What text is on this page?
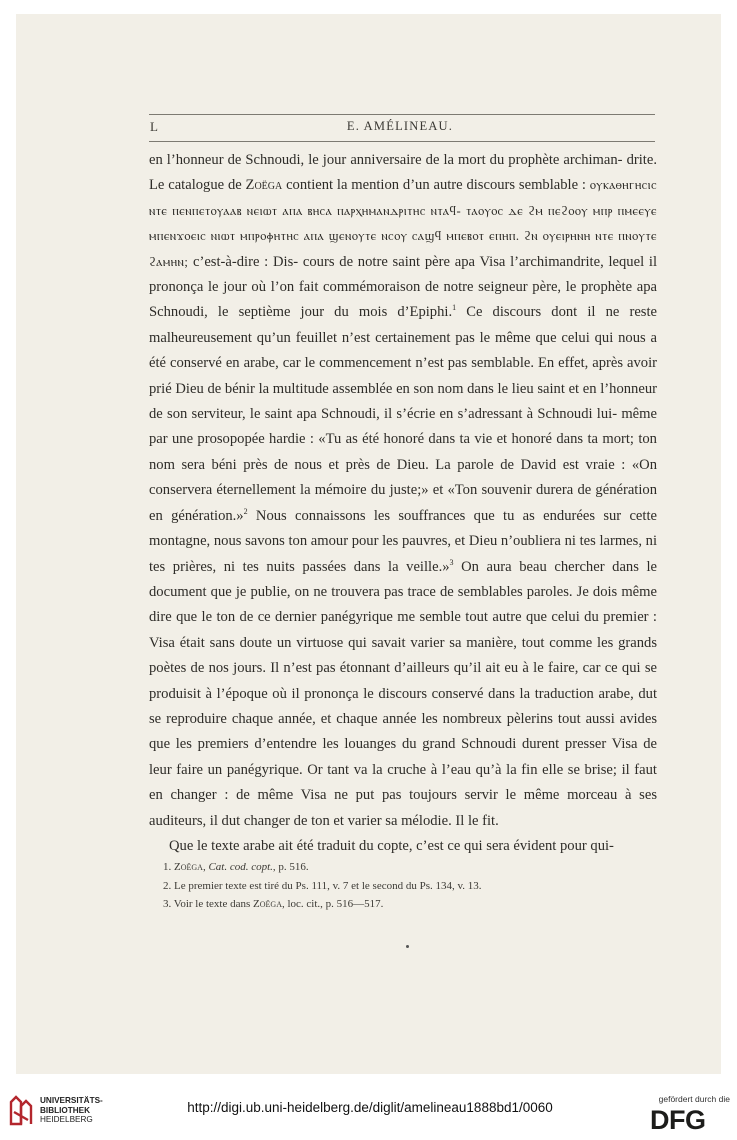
L	E. AMÉLINEAU.

en l’honneur de Schnoudi, le jour anniversaire de la mort du prophète archiman- drite. Le catalogue de Zoëga contient la mention d’un autre discours semblable : ⲟⲩⲕⲁⲑⲏⲅⲏⲥⲓⲥ ⲛⲧⲉ ⲡⲉⲛⲡⲉⲧⲟⲩⲁⲁⲃ ⲛⲉⲓⲱⲧ ⲁⲡⲁ ⲃⲏⲥⲁ ⲡⲁⲣⲭⲏⲙⲁⲛⲇⲣⲓⲧⲏⲥ ⲛⲧⲁϥ- ⲧⲁⲟⲩⲟⲥ ⲇⲉ ϩⲙ ⲡⲉϩⲟⲟⲩ ⲙⲡⲣ ⲡⲙⲉⲉⲩⲉ ⲙⲡⲉⲛϫⲟⲉⲓⲥ ⲛⲓⲱⲧ ⲙⲡⲣⲟⲫⲏⲧⲏⲥ ⲁⲡⲁ ϣⲉⲛⲟⲩⲧⲉ ⲛⲥⲟⲩ ⲥⲁϣϥ ⲙⲡⲉⲃⲟⲧ ⲉⲡⲏⲡ. ϩⲛ ⲟⲩⲉⲓⲣⲏⲛⲏ ⲛⲧⲉ ⲡⲛⲟⲩⲧⲉ ϩⲁⲙⲏⲛ; c’est-à-dire : Dis- cours de notre saint père apa Visa l’archimandrite, lequel il prononça le jour où l’on fait commémoraison de notre seigneur père, le prophète apa Schnoudi, le septième jour du mois d’Epiphi.$^1$ Ce discours dont il ne reste malheureusement qu’un feuillet n’est certainement pas le même que celui qui nous a été conservé en arabe, car le commencement n’est pas semblable. En effet, après avoir prié Dieu de bénir la multitude assemblée en son nom dans le lieu saint et en l’honneur de son serviteur, le saint apa Schnoudi, il s’écrie en s’adressant à Schnoudi lui- même par une prosopopée hardie : «Tu as été honoré dans ta vie et honoré dans ta mort; ton nom sera béni près de nous et près de Dieu. La parole de David est vraie : «On conservera éternellement la mémoire du juste;» et «Ton souvenir durera de génération en génération.»$^2$ Nous connaissons les souffrances que tu as endurées sur cette montagne, nous savons ton amour pour les pauvres, et Dieu n’oubliera ni tes larmes, ni tes prières, ni tes nuits passées dans la veille.»$^3$ On aura beau chercher dans le document que je publie, on ne trouvera pas trace de semblables paroles. Je dois même dire que le ton de ce dernier panégyrique me semble tout autre que celui du premier : Visa était sans doute un virtuose qui savait varier sa manière, tout comme les grands poètes de nos jours. Il n’est pas étonnant d’ailleurs qu’il ait eu à le faire, car ce qui se produisit à l’époque où il prononça le discours conservé dans la traduction arabe, dut se reproduire chaque année, et chaque année les nombreux pèlerins tout aussi avides que les premiers d’entendre les louanges du grand Schnoudi durent presser Visa de leur faire un panégyrique. Or tant va la cruche à l’eau qu’à la fin elle se brise; il faut en changer : de même Visa ne put pas toujours servir le même morceau à ses auditeurs, il dut changer de ton et varier sa mélodie. Il le fit.

Que le texte arabe ait été traduit du copte, c’est ce qui sera évident pour qui-

1. Zoëga, Cat. cod. copt., p. 516.
2. Le premier texte est tiré du Ps. 111, v. 7 et le second du Ps. 134, v. 13.
3. Voir le texte dans Zoëga, loc. cit., p. 516—517.
UNIVERSITÄTS-
BIBLIOTHEK
HEIDELBERG
http://digi.ub.uni-heidelberg.de/diglit/amelineau1888bd1/0060
gefördert durch die
DFG
